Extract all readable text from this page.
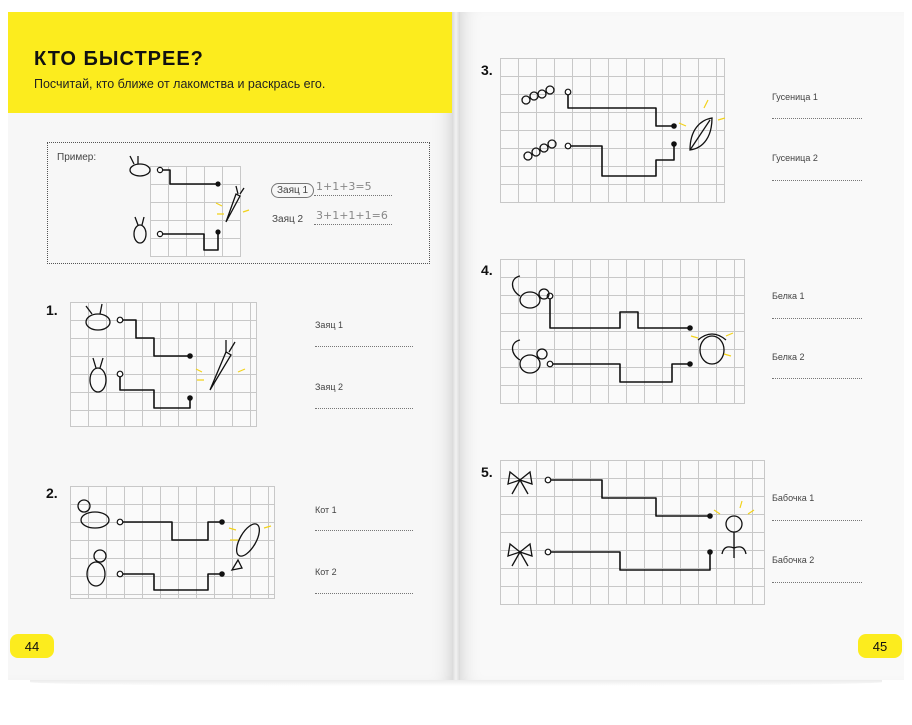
КТО БЫСТРЕЕ?
Посчитай, кто ближе от лакомства и раскрась его.
Пример:
Заяц 1 1+1+3=5
Заяц 2 3+1+1+1=6
1.
Заяц 1
Заяц 2
2.
Кот 1
Кот 2
44
3.
Гусеница 1
Гусеница 2
4.
Белка 1
Белка 2
5.
Бабочка 1
Бабочка 2
45
